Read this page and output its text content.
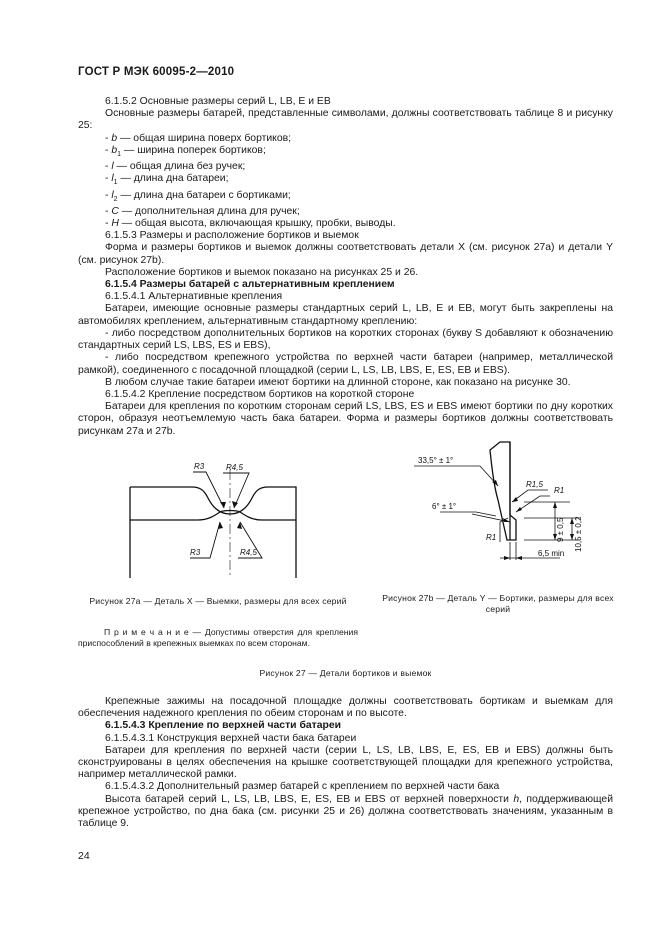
ГОСТ Р МЭК 60095-2—2010

6.1.5.2 Основные размеры серий L, LB, E и EB

Основные размеры батарей, представленные символами, должны соответствовать таблице 8 и рисунку 25:

- b — общая ширина поверх бортиков;

- $b_1$ — ширина поперек бортиков;

- l — общая длина без ручек;

- $l_1$ — длина дна батареи;

- $l_2$ — длина дна батареи с бортиками;

- C — дополнительная длина для ручек;

- H — общая высота, включающая крышку, пробки, выводы.

6.1.5.3 Размеры и расположение бортиков и выемок

Форма и размеры бортиков и выемок должны соответствовать детали X (см. рисунок 27а) и детали Y (см. рисунок 27b).

Расположение бортиков и выемок показано на рисунках 25 и 26.

6.1.5.4 Размеры батарей с альтернативным креплением

6.1.5.4.1 Альтернативные крепления

Батареи, имеющие основные размеры стандартных серий L, LB, E и EB, могут быть закреплены на автомобилях креплением, альтернативным стандартному креплению:

- либо посредством дополнительных бортиков на коротких сторонах (букву S добавляют к обозначению стандартных серий LS, LBS, ES и EBS),

- либо посредством крепежного устройства по верхней части батареи (например, металлической рамкой), соединенного с посадочной площадкой (серии L, LS, LB, LBS, E, ES, EB и EBS).

В любом случае такие батареи имеют бортики на длинной стороне, как показано на рисунке 30.

6.1.5.4.2 Крепление посредством бортиков на короткой стороне

Батареи для крепления по коротким сторонам серий LS, LBS, ES и EBS имеют бортики по дну коротких сторон, образуя неотъемлемую часть бака батареи. Форма и размеры бортиков должны соответствовать рисункам 27а и 27b.

R3	R4,5
R3	R4,5
33,5° ± 1°
6° ± 1°
R1,5
R1
R1	9 ± 0,5 10,5 ± 0,2
6,5 min
Рисунок 27а — Деталь X — Выемки, размеры для всех серий	Рисунок 27b — Деталь Y — Бортики, размеры для всех серий
П р и м е ч а н и е — Допустимы отверстия для крепления приспособлений в крепежных выемках по всем сторонам.
Рисунок 27 — Детали бортиков и выемок

Крепежные зажимы на посадочной площадке должны соответствовать бортикам и выемкам для обеспечения надежного крепления по обеим сторонам и по высоте.

6.1.5.4.3 Крепление по верхней части батареи

6.1.5.4.3.1 Конструкция верхней части бака батареи

Батареи для крепления по верхней части (серии L, LS, LB, LBS, E, ES, EB и EBS) должны быть сконструированы в целях обеспечения на крышке соответствующей площадки для крепежного устройства, например металлической рамки.

6.1.5.4.3.2 Дополнительный размер батарей с креплением по верхней части бака

Высота батарей серий L, LS, LB, LBS, E, ES, EB и EBS от верхней поверхности h, поддерживающей крепежное устройство, по дна бака (см. рисунки 25 и 26) должна соответствовать значениям, указанным в таблице 9.

24
